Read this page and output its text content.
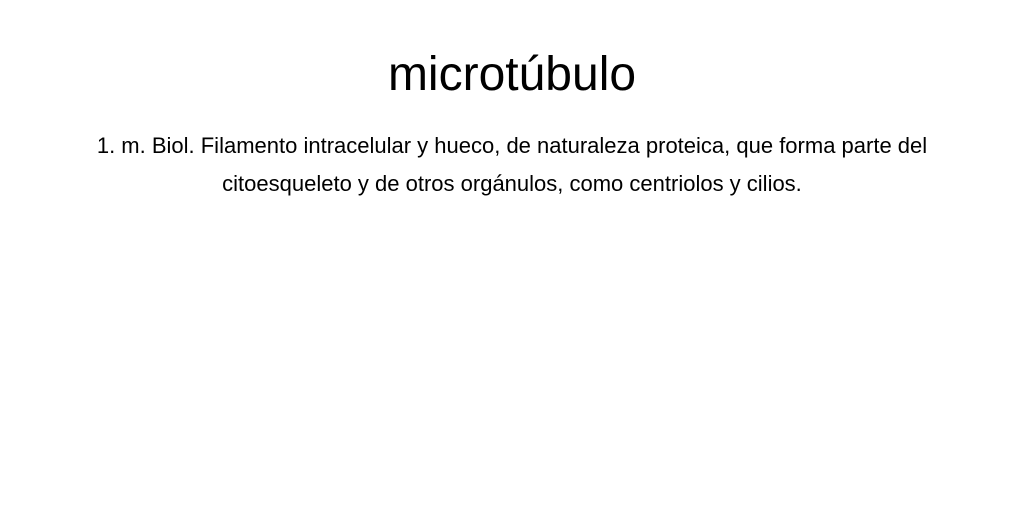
microtúbulo

1. m. Biol. Filamento intracelular y hueco, de naturaleza proteica, que forma parte del citoesqueleto y de otros orgánulos, como centriolos y cilios.
